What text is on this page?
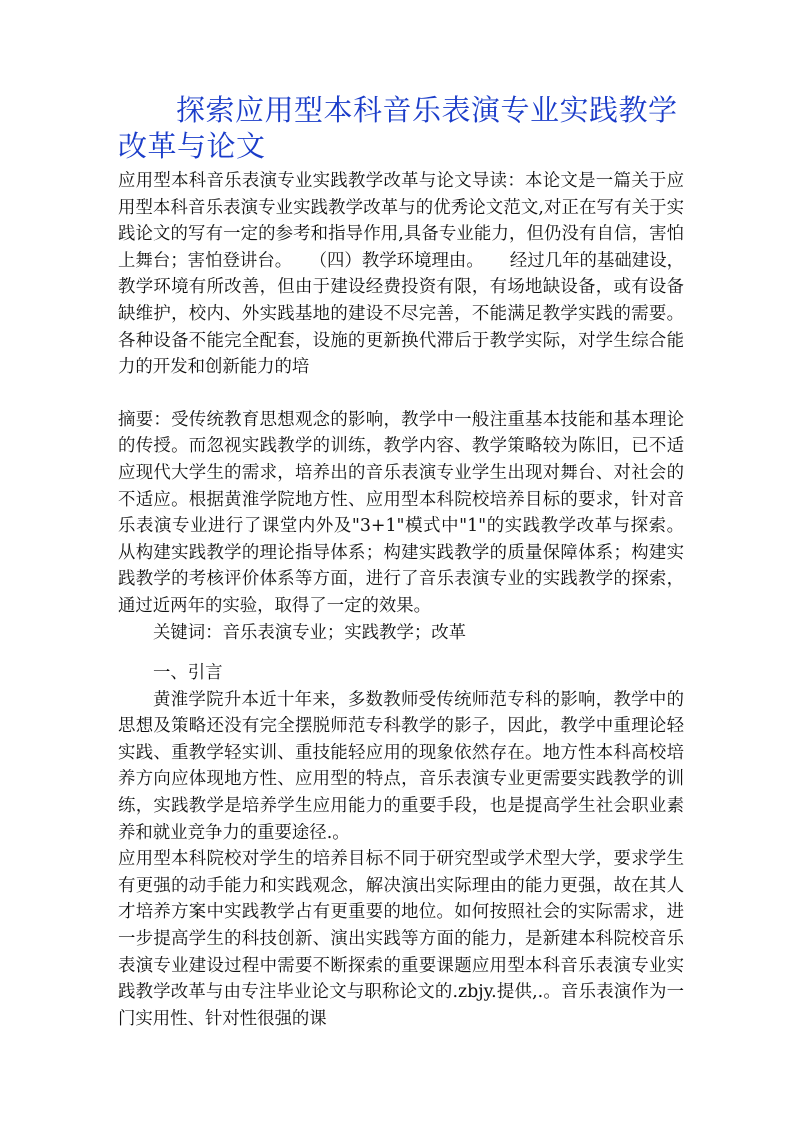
探索应用型本科音乐表演专业实践教学改革与论文

应用型本科音乐表演专业实践教学改革与论文导读：本论文是一篇关于应用型本科音乐表演专业实践教学改革与的优秀论文范文,对正在写有关于实践论文的写有一定的参考和指导作用,具备专业能力，但仍没有自信，害怕上舞台；害怕登讲台。　　（四）教学环境理由。　　经过几年的基础建设，教学环境有所改善，但由于建设经费投资有限，有场地缺设备，或有设备缺维护，校内、外实践基地的建设不尽完善，不能满足教学实践的需要。各种设备不能完全配套，设施的更新换代滞后于教学实际，对学生综合能力的开发和创新能力的培

摘要：受传统教育思想观念的影响，教学中一般注重基本技能和基本理论的传授。而忽视实践教学的训练，教学内容、教学策略较为陈旧，已不适应现代大学生的需求，培养出的音乐表演专业学生出现对舞台、对社会的不适应。根据黄淮学院地方性、应用型本科院校培养目标的要求，针对音乐表演专业进行了课堂内外及"3+1"模式中"1"的实践教学改革与探索。从构建实践教学的理论指导体系；构建实践教学的质量保障体系；构建实践教学的考核评价体系等方面，进行了音乐表演专业的实践教学的探索，通过近两年的实验，取得了一定的效果。

关键词：音乐表演专业；实践教学；改革

一、引言

黄淮学院升本近十年来，多数教师受传统师范专科的影响，教学中的思想及策略还没有完全摆脱师范专科教学的影子，因此，教学中重理论轻实践、重教学轻实训、重技能轻应用的现象依然存在。地方性本科高校培养方向应体现地方性、应用型的特点，音乐表演专业更需要实践教学的训练，实践教学是培养学生应用能力的重要手段，也是提高学生社会职业素养和就业竞争力的重要途径.。

应用型本科院校对学生的培养目标不同于研究型或学术型大学，要求学生有更强的动手能力和实践观念，解决演出实际理由的能力更强，故在其人才培养方案中实践教学占有更重要的地位。如何按照社会的实际需求，进一步提高学生的科技创新、演出实践等方面的能力，是新建本科院校音乐表演专业建设过程中需要不断探索的重要课题应用型本科音乐表演专业实践教学改革与由专注毕业论文与职称论文的.zbjy.提供,.。音乐表演作为一门实用性、针对性很强的课
